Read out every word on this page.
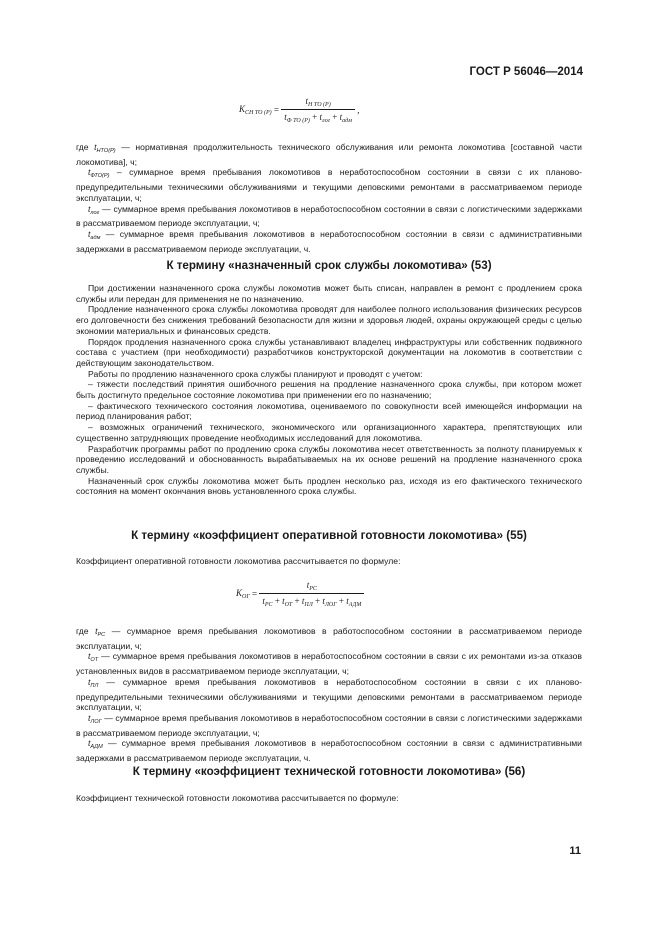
ГОСТ Р 56046—2014
$К_{СН ТО (Р)} = \frac{t_{Н ТО (Р)}}{t_{Ф ТО (Р)} + t_{лог} + t_{адм}}$ ,

где $t_{НТО(Р)}$ — нормативная продолжительность технического обслуживания или ремонта локомотива [составной части локомотива], ч;

$t_{ФТО(Р)}$ – суммарное время пребывания локомотивов в неработоспособном состоянии в связи с их планово-предупредительными техническими обслуживаниями и текущими деповскими ремонтами в рассматриваемом периоде эксплуатации, ч;

$t_{лог}$ — суммарное время пребывания локомотивов в неработоспособном состоянии в связи с логистическими задержками в рассматриваемом периоде эксплуатации, ч;

$t_{адм}$ — суммарное время пребывания локомотивов в неработоспособном состоянии в связи с административными задержками в рассматриваемом периоде эксплуатации, ч.

К термину «назначенный срок службы локомотива» (53)

При достижении назначенного срока службы локомотив может быть списан, направлен в ремонт с продлением срока службы или передан для применения не по назначению.

Продление назначенного срока службы локомотива проводят для наиболее полного использования физических ресурсов его долговечности без снижения требований безопасности для жизни и здоровья людей, охраны окружающей среды с целью экономии материальных и финансовых средств.

Порядок продления назначенного срока службы устанавливают владелец инфраструктуры или собственник подвижного состава с участием (при необходимости) разработчиков конструкторской документации на локомотив в соответствии с действующим законодательством.

Работы по продлению назначенного срока службы планируют и проводят с учетом:

– тяжести последствий принятия ошибочного решения на продление назначенного срока службы, при котором может быть достигнуто предельное состояние локомотива при применении его по назначению;

– фактического технического состояния локомотива, оцениваемого по совокупности всей имеющейся информации на период планирования работ;

– возможных ограничений технического, экономического или организационного характера, препятствующих или существенно затрудняющих проведение необходимых исследований для локомотива.

Разработчик программы работ по продлению срока службы локомотива несет ответственность за полноту планируемых к проведению исследований и обоснованность вырабатываемых на их основе решений на продление назначенного срока службы.

Назначенный срок службы локомотива может быть продлен несколько раз, исходя из его фактического технического состояния на момент окончания вновь установленного срока службы.

К термину «коэффициент оперативной готовности локомотива» (55)

Коэффициент оперативной готовности локомотива рассчитывается по формуле:

$К_{ОГ}$ =
$t_{РС}$
$t_{РС} + t_{ОТ} + t_{ПЛ} + t_{ЛОГ} + t_{АДМ}$

где $t_{РС}$ — суммарное время пребывания локомотивов в работоспособном состоянии в рассматриваемом периоде эксплуатации, ч;

$t_{ОТ}$ — суммарное время пребывания локомотивов в неработоспособном состоянии в связи с их ремонтами из-за отказов установленных видов в рассматриваемом периоде эксплуатации, ч;

$t_{ПЛ}$ — суммарное время пребывания локомотивов в неработоспособном состоянии в связи с их планово-предупредительными техническими обслуживаниями и текущими деповскими ремонтами в рассматриваемом периоде эксплуатации, ч;

$t_{ЛОГ}$ — суммарное время пребывания локомотивов в неработоспособном состоянии в связи с логистическими задержками в рассматриваемом периоде эксплуатации, ч;

$t_{АДМ}$ — суммарное время пребывания локомотивов в неработоспособном состоянии в связи с административными задержками в рассматриваемом периоде эксплуатации, ч.

К термину «коэффициент технической готовности локомотива» (56)

Коэффициент технической готовности локомотива рассчитывается по формуле:

11
